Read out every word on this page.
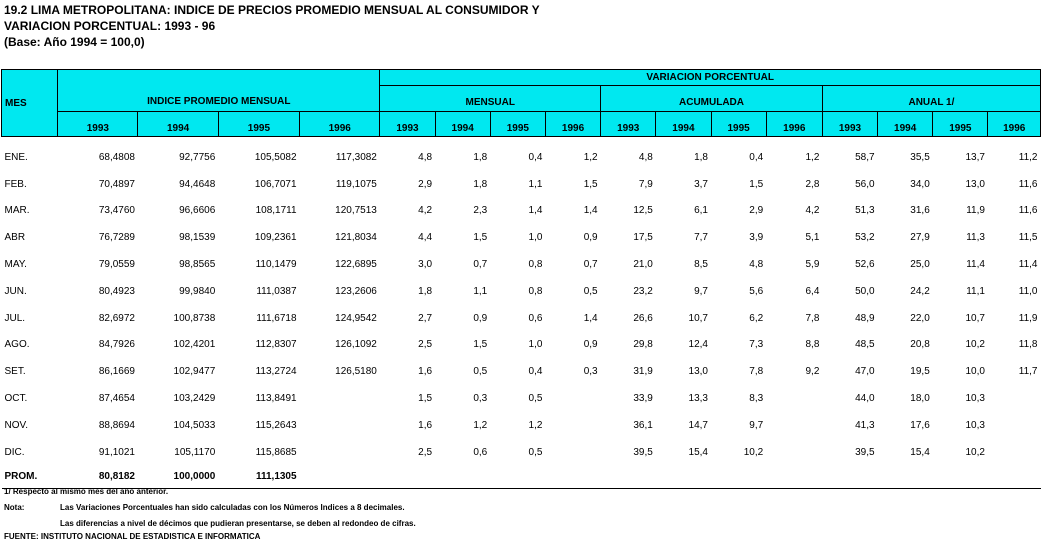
19.2 LIMA METROPOLITANA: INDICE DE PRECIOS PROMEDIO MENSUAL AL CONSUMIDOR Y
VARIACION PORCENTUAL: 1993 - 96
(Base: Año 1994 = 100,0)
MES	INDICE PROMEDIO MENSUAL				VARIACION PORCENTUAL											
					MENSUAL				ACUMULADA				ANUAL 1/			
	1993	1994	1995	1996	1993	1994	1995	1996	1993	1994	1995	1996	1993	1994	1995	1996

ENE.	68,4808	92,7756	105,5082	117,3082	4,8	1,8	0,4	1,2	4,8	1,8	0,4	1,2	58,7	35,5	13,7	11,2
FEB.	70,4897	94,4648	106,7071	119,1075	2,9	1,8	1,1	1,5	7,9	3,7	1,5	2,8	56,0	34,0	13,0	11,6
MAR.	73,4760	96,6606	108,1711	120,7513	4,2	2,3	1,4	1,4	12,5	6,1	2,9	4,2	51,3	31,6	11,9	11,6
ABR	76,7289	98,1539	109,2361	121,8034	4,4	1,5	1,0	0,9	17,5	7,7	3,9	5,1	53,2	27,9	11,3	11,5
MAY.	79,0559	98,8565	110,1479	122,6895	3,0	0,7	0,8	0,7	21,0	8,5	4,8	5,9	52,6	25,0	11,4	11,4
JUN.	80,4923	99,9840	111,0387	123,2606	1,8	1,1	0,8	0,5	23,2	9,7	5,6	6,4	50,0	24,2	11,1	11,0
JUL.	82,6972	100,8738	111,6718	124,9542	2,7	0,9	0,6	1,4	26,6	10,7	6,2	7,8	48,9	22,0	10,7	11,9
AGO.	84,7926	102,4201	112,8307	126,1092	2,5	1,5	1,0	0,9	29,8	12,4	7,3	8,8	48,5	20,8	10,2	11,8
SET.	86,1669	102,9477	113,2724	126,5180	1,6	0,5	0,4	0,3	31,9	13,0	7,8	9,2	47,0	19,5	10,0	11,7
OCT.	87,4654	103,2429	113,8491		1,5	0,3	0,5		33,9	13,3	8,3		44,0	18,0	10,3	
NOV.	88,8694	104,5033	115,2643		1,6	1,2	1,2		36,1	14,7	9,7		41,3	17,6	10,3	
DIC.	91,1021	105,1170	115,8685		2,5	0,6	0,5		39,5	15,4	10,2		39,5	15,4	10,2	
PROM.	80,8182	100,0000	111,1305													
1/ Respecto al mismo mes del año anterior.
Nota:	Las Variaciones Porcentuales han sido calculadas con los Números Indices a 8 decimales.
Las diferencias a nivel de décimos que pudieran presentarse, se deben al redondeo de cifras.
FUENTE: INSTITUTO NACIONAL DE ESTADISTICA E INFORMATICA
